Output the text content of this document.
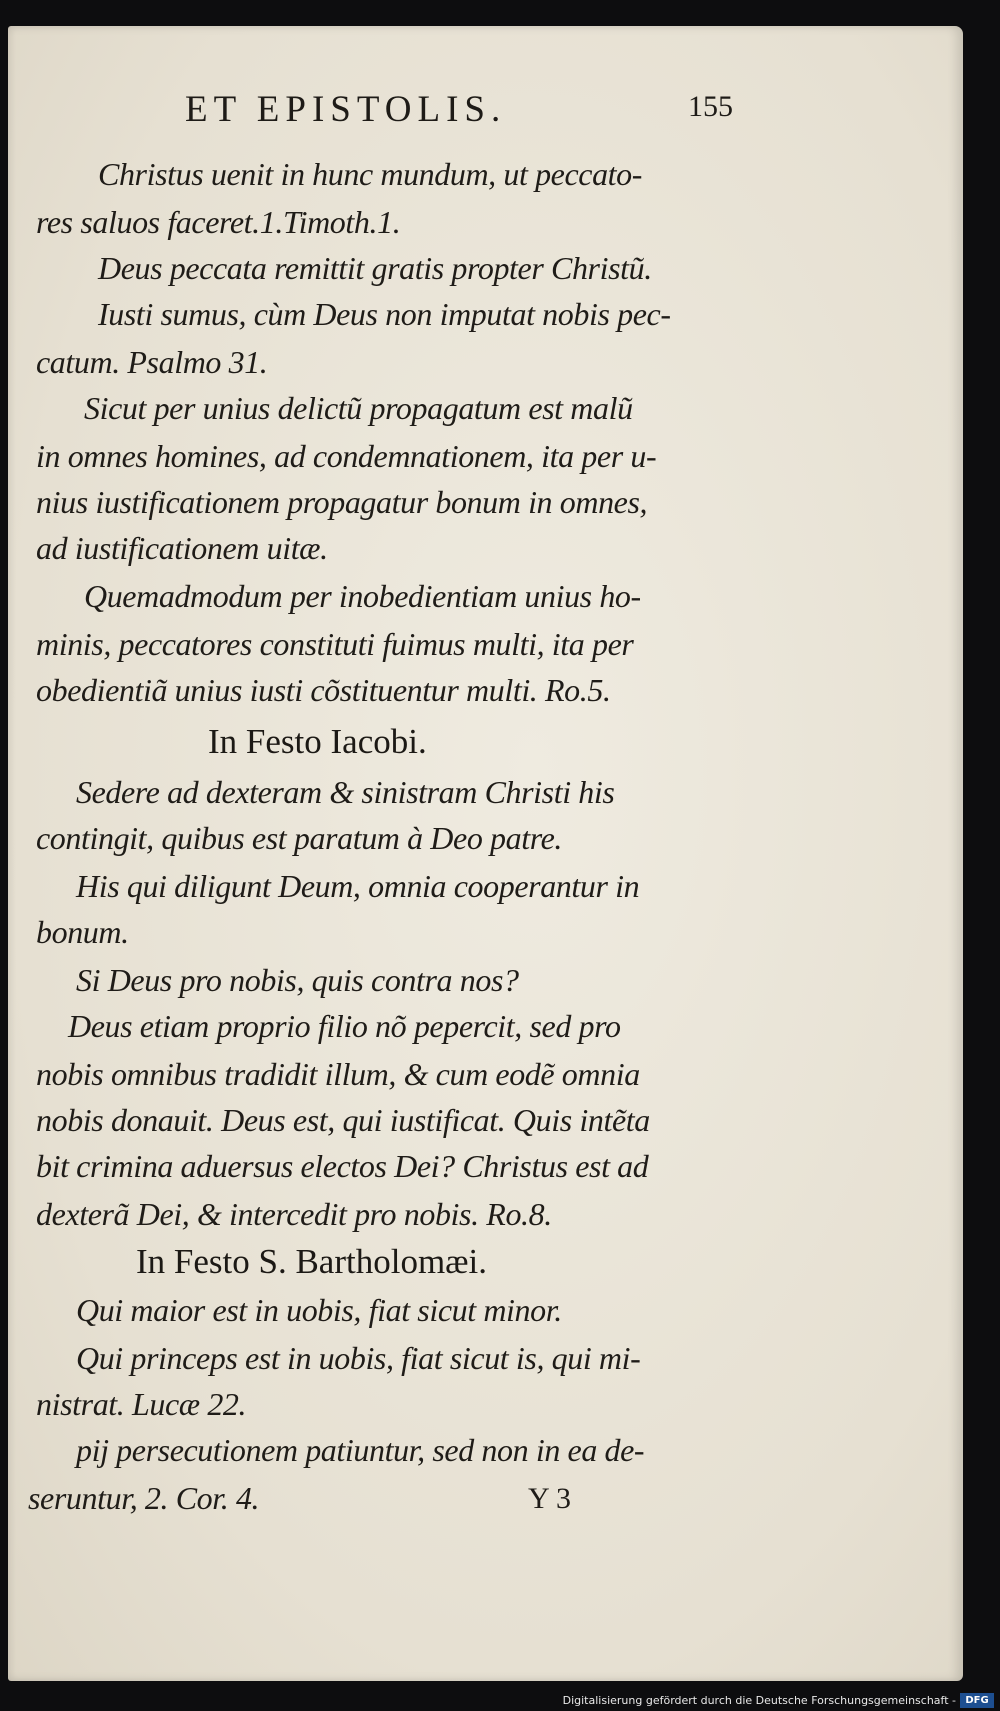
ET EPISTOLIS.	155
Christus uenit in hunc mundum, ut peccato-
res saluos faceret.1.Timoth.1.
Deus peccata remittit gratis propter Christũ.
Iusti sumus, cùm Deus non imputat nobis pec-
catum. Psalmo 31.
Sicut per unius delictũ propagatum est malũ
in omnes homines, ad condemnationem, ita per u-
nius iustificationem propagatur bonum in omnes,
ad iustificationem uitæ.
Quemadmodum per inobedientiam unius ho-
minis, peccatores constituti fuimus multi, ita per
obedientiã unius iusti cõstituentur multi. Ro.5.
In Festo Iacobi.
Sedere ad dexteram & sinistram Christi his
contingit, quibus est paratum à Deo patre.
His qui diligunt Deum, omnia cooperantur in
bonum.
Si Deus pro nobis, quis contra nos?
Deus etiam proprio filio nõ pepercit, sed pro
nobis omnibus tradidit illum, & cum eodẽ omnia
nobis donauit. Deus est, qui iustificat. Quis intẽta
bit crimina aduersus electos Dei? Christus est ad
dexterã Dei, & intercedit pro nobis. Ro.8.
In Festo S. Bartholomæi.
Qui maior est in uobis, fiat sicut minor.
Qui princeps est in uobis, fiat sicut is, qui mi-
nistrat. Lucæ 22.
pij persecutionem patiuntur, sed non in ea de-
seruntur, 2. Cor. 4.	Y 3
Digitalisierung gefördert durch die Deutsche Forschungsgemeinschaft - DFG
